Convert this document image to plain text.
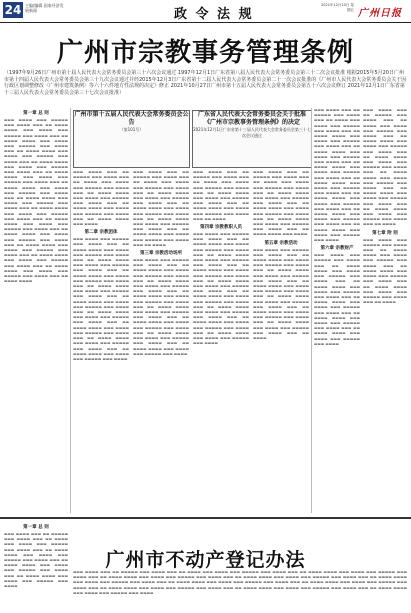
24 主编/编辑 国家经济发展新闻	政 令 法 规
2021年12月10日 星期五 广州日报
广州市宗教事务管理条例
（1997年9月26日广州市第十届人民代表大会常务委员会第三十六次会议通过 1997年12月1日广东省第八届人民代表大会常务委员会第三十二次会议批准 根据2015年5月20日广州市第十四届人民代表大会常务委员会第三十九次会议通过并经2015年12月3日广东省第十二届人民代表大会常务委员会第二十一次会议批准的《广州市人民代表大会常务委员会关于因行政区划调整修改〈广州市建筑条例〉等六十六件地方性法规的决定》修正 2021年10月27日广州市第十五届人民代表大会常务委员会第五十六次会议修订 2021年12月1日广东省第十三届人民代表大会常务委员会第三十七次会议批准）
第一章 总 则
▬▬▬ ▬▬▬▬ ▬▬▬ ▬▬▬▬▬ ▬▬▬ ▬▬▬▬ ▬▬▬ ▬▬ ▬▬▬▬ ▬▬▬▬ ▬▬▬ ▬▬▬▬ ▬▬▬ ▬▬▬▬▬ ▬▬▬ ▬▬▬▬ ▬▬▬ ▬▬ ▬▬▬▬ ▬▬▬▬ ▬▬▬ ▬▬▬▬ ▬▬▬ ▬▬▬▬▬ ▬▬▬ ▬▬▬▬ ▬▬▬ ▬▬ ▬▬▬▬ ▬▬▬▬ ▬▬▬ ▬▬▬▬ ▬▬▬ ▬▬▬▬▬ ▬▬▬ ▬▬▬▬ ▬▬▬ ▬▬ ▬▬▬▬ ▬▬▬▬ ▬▬▬ ▬▬▬▬ ▬▬▬ ▬▬▬▬▬ ▬▬▬ ▬▬▬▬ ▬▬▬ ▬▬ ▬▬▬▬ ▬▬▬▬ ▬▬▬ ▬▬▬▬ ▬▬▬ ▬▬▬▬▬ ▬▬▬ ▬▬▬▬ ▬▬▬ ▬▬ ▬▬▬▬ ▬▬▬▬ ▬▬▬ ▬▬▬▬ ▬▬▬ ▬▬▬▬▬ ▬▬▬ ▬▬▬▬ ▬▬▬ ▬▬ ▬▬▬▬ ▬▬▬▬ ▬▬▬ ▬▬▬▬ ▬▬▬ ▬▬▬▬▬ ▬▬▬ ▬▬▬▬ ▬▬▬ ▬▬ ▬▬▬▬ ▬▬▬▬ ▬▬▬ ▬▬▬▬ ▬▬▬ ▬▬▬▬▬ ▬▬▬ ▬▬▬▬ ▬▬▬ ▬▬ ▬▬▬▬ ▬▬▬▬ ▬▬▬ ▬▬▬▬ ▬▬▬ ▬▬▬▬▬ ▬▬▬ ▬▬▬▬ ▬▬▬ ▬▬ ▬▬▬▬ ▬▬▬▬ ▬▬▬ ▬▬▬▬ ▬▬▬ ▬▬▬▬▬ ▬▬▬ ▬▬▬▬ ▬▬▬ ▬▬ ▬▬▬▬ ▬▬▬▬ ▬▬▬ ▬▬▬▬ ▬▬▬ ▬▬▬▬▬ ▬▬▬ ▬▬▬▬ ▬▬▬ ▬▬ ▬▬▬▬ ▬▬▬▬ ▬▬▬ ▬▬▬▬ ▬▬▬ ▬▬▬▬▬ ▬▬▬ ▬▬▬▬ ▬▬▬ ▬▬ ▬▬▬▬ ▬▬▬▬ ▬▬▬ ▬▬▬▬ ▬▬▬ ▬▬▬▬▬ ▬▬▬ ▬▬▬▬ ▬▬▬ ▬▬ ▬▬▬▬ ▬▬▬▬
广州市第十五届人民代表大会常务委员会公告
（第101号）
广东省人民代表大会常务委员会关于批准《广州市宗教事务管理条例》的决定
2021年12月1日广东省第十三届人民代表大会常务委员会第三十七次会议通过
▬▬▬ ▬▬▬▬ ▬▬▬ ▬▬ ▬▬▬▬▬ ▬▬▬ ▬▬▬▬ ▬▬▬ ▬▬ ▬▬▬▬ ▬▬▬ ▬▬▬▬ ▬▬▬ ▬▬▬▬▬ ▬▬▬ ▬▬▬▬ ▬▬▬ ▬▬ ▬▬▬▬ ▬▬▬▬ ▬▬▬ ▬▬▬▬ ▬▬▬ ▬▬▬▬▬ ▬▬▬ ▬▬▬▬ ▬▬▬ ▬▬ ▬▬▬▬ ▬▬▬▬ ▬▬▬ ▬▬▬▬ ▬▬▬ ▬▬▬▬▬ ▬▬▬ ▬▬▬▬ ▬▬▬ ▬▬ ▬▬▬▬ ▬▬▬▬ ▬▬▬ ▬▬▬▬
第二章 宗教团体
▬▬▬ ▬▬▬▬ ▬▬▬ ▬▬▬▬▬ ▬▬▬ ▬▬▬▬ ▬▬▬ ▬▬ ▬▬▬▬ ▬▬▬▬ ▬▬▬ ▬▬▬▬ ▬▬▬ ▬▬▬▬▬ ▬▬▬ ▬▬▬▬ ▬▬▬ ▬▬ ▬▬▬▬ ▬▬▬▬ ▬▬▬ ▬▬▬▬ ▬▬▬ ▬▬▬▬▬ ▬▬▬ ▬▬▬▬ ▬▬▬ ▬▬ ▬▬▬▬ ▬▬▬▬ ▬▬▬ ▬▬▬▬ ▬▬▬ ▬▬▬▬▬ ▬▬▬ ▬▬▬▬ ▬▬▬ ▬▬ ▬▬▬▬ ▬▬▬▬ ▬▬▬ ▬▬▬▬ ▬▬▬ ▬▬▬▬▬ ▬▬▬ ▬▬▬▬ ▬▬▬ ▬▬ ▬▬▬▬ ▬▬▬▬ ▬▬▬ ▬▬▬▬ ▬▬▬ ▬▬▬▬▬ ▬▬▬ ▬▬▬▬ ▬▬▬ ▬▬ ▬▬▬▬ ▬▬▬▬ ▬▬▬ ▬▬▬▬ ▬▬▬ ▬▬▬▬▬ ▬▬▬ ▬▬▬▬ ▬▬▬ ▬▬ ▬▬▬▬ ▬▬▬▬ ▬▬▬ ▬▬▬▬ ▬▬▬ ▬▬▬▬▬ ▬▬▬ ▬▬▬▬ ▬▬▬ ▬▬ ▬▬▬▬ ▬▬▬▬ ▬▬▬ ▬▬▬▬ ▬▬▬ ▬▬▬▬▬ ▬▬▬ ▬▬▬▬ ▬▬▬ ▬▬ ▬▬▬▬ ▬▬▬▬ ▬▬▬ ▬▬▬▬ ▬▬▬ ▬▬▬▬▬ ▬▬▬ ▬▬▬▬
▬▬▬ ▬▬▬▬ ▬▬▬ ▬▬ ▬▬▬▬▬ ▬▬▬ ▬▬▬▬ ▬▬▬ ▬▬ ▬▬▬▬ ▬▬▬ ▬▬▬▬ ▬▬▬ ▬▬▬▬▬ ▬▬▬ ▬▬▬▬ ▬▬▬ ▬▬ ▬▬▬▬ ▬▬▬▬ ▬▬▬ ▬▬▬▬ ▬▬▬ ▬▬▬▬▬ ▬▬▬ ▬▬▬▬ ▬▬▬ ▬▬ ▬▬▬▬ ▬▬▬▬ ▬▬▬ ▬▬▬▬ ▬▬▬ ▬▬▬▬▬ ▬▬▬ ▬▬▬▬ ▬▬▬ ▬▬ ▬▬▬▬ ▬▬▬▬ ▬▬▬ ▬▬▬▬ ▬▬▬ ▬▬▬▬▬ ▬▬▬ ▬▬▬▬ ▬▬▬ ▬▬ ▬▬▬▬ ▬▬▬▬ ▬▬▬ ▬▬▬▬ ▬▬▬ ▬▬▬▬▬ ▬▬▬ ▬▬▬▬ ▬▬▬ ▬▬ ▬▬▬▬
第三章 宗教活动场所
▬▬▬ ▬▬▬▬ ▬▬▬ ▬▬▬▬▬ ▬▬▬ ▬▬▬▬ ▬▬▬ ▬▬ ▬▬▬▬ ▬▬▬▬ ▬▬▬ ▬▬▬▬ ▬▬▬ ▬▬▬▬▬ ▬▬▬ ▬▬▬▬ ▬▬▬ ▬▬ ▬▬▬▬ ▬▬▬▬ ▬▬▬ ▬▬▬▬ ▬▬▬ ▬▬▬▬▬ ▬▬▬ ▬▬▬▬ ▬▬▬ ▬▬ ▬▬▬▬ ▬▬▬▬ ▬▬▬ ▬▬▬▬ ▬▬▬ ▬▬▬▬▬ ▬▬▬ ▬▬▬▬ ▬▬▬ ▬▬ ▬▬▬▬ ▬▬▬▬ ▬▬▬ ▬▬▬▬ ▬▬▬ ▬▬▬▬▬ ▬▬▬ ▬▬▬▬ ▬▬▬ ▬▬ ▬▬▬▬ ▬▬▬▬ ▬▬▬ ▬▬▬▬ ▬▬▬ ▬▬▬▬▬ ▬▬▬ ▬▬▬▬ ▬▬▬ ▬▬ ▬▬▬▬ ▬▬▬▬ ▬▬▬ ▬▬▬▬ ▬▬▬ ▬▬▬▬▬ ▬▬▬ ▬▬▬▬ ▬▬▬ ▬▬ ▬▬▬▬ ▬▬▬▬ ▬▬▬ ▬▬▬▬ ▬▬▬ ▬▬▬▬▬ ▬▬▬ ▬▬▬▬
▬▬▬ ▬▬▬▬ ▬▬▬ ▬▬ ▬▬▬▬▬ ▬▬▬ ▬▬▬▬ ▬▬▬ ▬▬ ▬▬▬▬ ▬▬▬ ▬▬▬▬ ▬▬▬ ▬▬▬▬▬ ▬▬▬ ▬▬▬▬ ▬▬▬ ▬▬ ▬▬▬▬ ▬▬▬▬ ▬▬▬ ▬▬▬▬ ▬▬▬ ▬▬▬▬▬ ▬▬▬ ▬▬▬▬ ▬▬▬ ▬▬ ▬▬▬▬ ▬▬▬▬ ▬▬▬ ▬▬▬▬ ▬▬▬ ▬▬▬▬▬ ▬▬▬ ▬▬▬▬ ▬▬▬ ▬▬ ▬▬▬▬
第四章 宗教教职人员
▬▬▬ ▬▬▬▬ ▬▬▬ ▬▬▬▬▬ ▬▬▬ ▬▬▬▬ ▬▬▬ ▬▬ ▬▬▬▬ ▬▬▬▬ ▬▬▬ ▬▬▬▬ ▬▬▬ ▬▬▬▬▬ ▬▬▬ ▬▬▬▬ ▬▬▬ ▬▬ ▬▬▬▬ ▬▬▬▬ ▬▬▬ ▬▬▬▬ ▬▬▬ ▬▬▬▬▬ ▬▬▬ ▬▬▬▬ ▬▬▬ ▬▬ ▬▬▬▬ ▬▬▬▬ ▬▬▬ ▬▬▬▬ ▬▬▬ ▬▬▬▬▬ ▬▬▬ ▬▬▬▬ ▬▬▬ ▬▬ ▬▬▬▬ ▬▬▬▬ ▬▬▬ ▬▬▬▬ ▬▬▬ ▬▬▬▬▬ ▬▬▬ ▬▬▬▬ ▬▬▬ ▬▬ ▬▬▬▬ ▬▬▬▬ ▬▬▬ ▬▬▬▬ ▬▬▬ ▬▬▬▬▬ ▬▬▬ ▬▬▬▬ ▬▬▬ ▬▬ ▬▬▬▬ ▬▬▬▬ ▬▬▬ ▬▬▬▬ ▬▬▬ ▬▬▬▬▬ ▬▬▬ ▬▬▬▬ ▬▬▬ ▬▬ ▬▬▬▬ ▬▬▬▬ ▬▬▬ ▬▬▬▬ ▬▬▬ ▬▬▬▬▬ ▬▬▬ ▬▬▬▬ ▬▬▬ ▬▬ ▬▬▬▬ ▬▬▬▬ ▬▬▬ ▬▬▬▬ ▬▬▬ ▬▬▬▬▬ ▬▬▬ ▬▬▬▬
▬▬▬ ▬▬▬▬ ▬▬▬ ▬▬ ▬▬▬▬▬ ▬▬▬ ▬▬▬▬ ▬▬▬ ▬▬ ▬▬▬▬ ▬▬▬ ▬▬▬▬ ▬▬▬ ▬▬▬▬▬ ▬▬▬ ▬▬▬▬ ▬▬▬ ▬▬ ▬▬▬▬ ▬▬▬▬ ▬▬▬ ▬▬▬▬ ▬▬▬ ▬▬▬▬▬ ▬▬▬ ▬▬▬▬ ▬▬▬ ▬▬ ▬▬▬▬ ▬▬▬▬ ▬▬▬ ▬▬▬▬ ▬▬▬ ▬▬▬▬▬ ▬▬▬ ▬▬▬▬ ▬▬▬ ▬▬ ▬▬▬▬ ▬▬▬▬ ▬▬▬ ▬▬▬▬ ▬▬▬ ▬▬▬▬▬ ▬▬▬ ▬▬▬▬ ▬▬▬ ▬▬ ▬▬▬▬ ▬▬▬▬ ▬▬▬ ▬▬▬▬
第五章 宗教活动
▬▬▬ ▬▬▬▬ ▬▬▬ ▬▬▬▬▬ ▬▬▬ ▬▬▬▬ ▬▬▬ ▬▬ ▬▬▬▬ ▬▬▬▬ ▬▬▬ ▬▬▬▬ ▬▬▬ ▬▬▬▬▬ ▬▬▬ ▬▬▬▬ ▬▬▬ ▬▬ ▬▬▬▬ ▬▬▬▬ ▬▬▬ ▬▬▬▬ ▬▬▬ ▬▬▬▬▬ ▬▬▬ ▬▬▬▬ ▬▬▬ ▬▬ ▬▬▬▬ ▬▬▬▬ ▬▬▬ ▬▬▬▬ ▬▬▬ ▬▬▬▬▬ ▬▬▬ ▬▬▬▬ ▬▬▬ ▬▬ ▬▬▬▬ ▬▬▬▬ ▬▬▬ ▬▬▬▬ ▬▬▬ ▬▬▬▬▬ ▬▬▬ ▬▬▬▬ ▬▬▬ ▬▬ ▬▬▬▬ ▬▬▬▬ ▬▬▬ ▬▬▬▬ ▬▬▬ ▬▬▬▬▬ ▬▬▬ ▬▬▬▬ ▬▬▬ ▬▬ ▬▬▬▬ ▬▬▬▬ ▬▬▬ ▬▬▬▬ ▬▬▬ ▬▬▬▬▬ ▬▬▬ ▬▬▬▬ ▬▬▬ ▬▬ ▬▬▬▬
▬▬▬ ▬▬▬▬ ▬▬▬ ▬▬ ▬▬▬▬▬ ▬▬▬ ▬▬▬▬ ▬▬▬ ▬▬ ▬▬▬▬ ▬▬▬ ▬▬▬▬ ▬▬▬ ▬▬▬▬▬ ▬▬▬ ▬▬▬▬ ▬▬▬ ▬▬ ▬▬▬▬ ▬▬▬▬ ▬▬▬ ▬▬▬▬ ▬▬▬ ▬▬▬▬▬ ▬▬▬ ▬▬▬▬ ▬▬▬ ▬▬ ▬▬▬▬ ▬▬▬▬ ▬▬▬ ▬▬▬▬ ▬▬▬ ▬▬▬▬▬ ▬▬▬ ▬▬▬▬ ▬▬▬ ▬▬ ▬▬▬▬ ▬▬▬▬ ▬▬▬ ▬▬▬▬ ▬▬▬ ▬▬▬▬▬ ▬▬▬ ▬▬▬▬ ▬▬▬ ▬▬ ▬▬▬▬ ▬▬▬▬ ▬▬▬ ▬▬▬▬ ▬▬▬ ▬▬▬▬▬ ▬▬▬ ▬▬▬▬ ▬▬▬ ▬▬ ▬▬▬▬ ▬▬▬▬ ▬▬▬ ▬▬▬▬ ▬▬▬ ▬▬▬▬▬ ▬▬▬ ▬▬▬▬ ▬▬▬ ▬▬ ▬▬▬▬ ▬▬▬▬ ▬▬▬ ▬▬▬▬ ▬▬▬ ▬▬▬▬▬ ▬▬▬ ▬▬▬▬ ▬▬▬ ▬▬ ▬▬▬▬ ▬▬▬▬ ▬▬▬ ▬▬▬▬ ▬▬▬ ▬▬▬▬▬ ▬▬▬ ▬▬▬▬
第六章 宗教财产
▬▬▬ ▬▬▬▬ ▬▬▬ ▬▬▬▬▬ ▬▬▬ ▬▬▬▬ ▬▬▬ ▬▬ ▬▬▬▬ ▬▬▬▬ ▬▬▬ ▬▬▬▬ ▬▬▬ ▬▬▬▬▬ ▬▬▬ ▬▬▬▬ ▬▬▬ ▬▬ ▬▬▬▬ ▬▬▬▬ ▬▬▬ ▬▬▬▬ ▬▬▬ ▬▬▬▬▬ ▬▬▬ ▬▬▬▬ ▬▬▬ ▬▬ ▬▬▬▬ ▬▬▬▬ ▬▬▬ ▬▬▬▬ ▬▬▬ ▬▬▬▬▬ ▬▬▬ ▬▬▬▬ ▬▬▬ ▬▬ ▬▬▬▬ ▬▬▬▬ ▬▬▬ ▬▬▬▬ ▬▬▬ ▬▬▬▬▬ ▬▬▬ ▬▬▬▬ ▬▬▬ ▬▬ ▬▬▬▬ ▬▬▬▬ ▬▬▬ ▬▬▬▬ ▬▬▬ ▬▬▬▬▬ ▬▬▬ ▬▬▬▬
▬▬▬ ▬▬▬▬ ▬▬▬ ▬▬ ▬▬▬▬▬ ▬▬▬ ▬▬▬▬ ▬▬▬ ▬▬ ▬▬▬▬ ▬▬▬ ▬▬▬▬ ▬▬▬ ▬▬▬▬▬ ▬▬▬ ▬▬▬▬ ▬▬▬ ▬▬ ▬▬▬▬ ▬▬▬▬ ▬▬▬ ▬▬▬▬ ▬▬▬ ▬▬▬▬▬ ▬▬▬ ▬▬▬▬ ▬▬▬ ▬▬ ▬▬▬▬ ▬▬▬▬ ▬▬▬ ▬▬▬▬ ▬▬▬ ▬▬▬▬▬ ▬▬▬ ▬▬▬▬ ▬▬▬ ▬▬ ▬▬▬▬ ▬▬▬▬ ▬▬▬ ▬▬▬▬ ▬▬▬ ▬▬▬▬▬ ▬▬▬ ▬▬▬▬ ▬▬▬ ▬▬ ▬▬▬▬ ▬▬▬▬ ▬▬▬ ▬▬▬▬ ▬▬▬ ▬▬▬▬▬ ▬▬▬ ▬▬▬▬ ▬▬▬ ▬▬ ▬▬▬▬ ▬▬▬▬ ▬▬▬ ▬▬▬▬ ▬▬▬ ▬▬▬▬▬ ▬▬▬ ▬▬▬▬ ▬▬▬ ▬▬ ▬▬▬▬
第七章 附 则
▬▬▬ ▬▬▬▬ ▬▬▬ ▬▬▬▬▬ ▬▬▬ ▬▬▬▬ ▬▬▬ ▬▬ ▬▬▬▬ ▬▬▬▬ ▬▬▬ ▬▬▬▬ ▬▬▬ ▬▬▬▬▬ ▬▬▬ ▬▬▬▬ ▬▬▬ ▬▬ ▬▬▬▬ ▬▬▬▬ ▬▬▬ ▬▬▬▬ ▬▬▬ ▬▬▬▬▬ ▬▬▬ ▬▬▬▬ ▬▬▬ ▬▬ ▬▬▬▬ ▬▬▬▬ ▬▬▬ ▬▬▬▬ ▬▬▬ ▬▬▬▬▬ ▬▬▬ ▬▬▬▬ ▬▬▬ ▬▬ ▬▬▬▬
第一章 总 则
▬▬▬ ▬▬▬▬ ▬▬▬ ▬▬ ▬▬▬▬▬ ▬▬▬ ▬▬▬▬ ▬▬▬ ▬▬ ▬▬▬▬ ▬▬▬ ▬▬▬▬ ▬▬▬ ▬▬▬▬▬ ▬▬▬ ▬▬▬▬ ▬▬▬ ▬▬ ▬▬▬▬ ▬▬▬▬ ▬▬▬ ▬▬▬▬ ▬▬▬ ▬▬▬▬▬ ▬▬▬ ▬▬▬▬ ▬▬▬ ▬▬ ▬▬▬▬ ▬▬▬▬ ▬▬▬ ▬▬▬▬ ▬▬▬ ▬▬▬▬▬ ▬▬▬ ▬▬▬▬ ▬▬▬ ▬▬ ▬▬▬▬ ▬▬▬▬ ▬▬▬ ▬▬▬▬ ▬▬▬ ▬▬▬▬▬ ▬▬▬ ▬▬▬▬
广州市不动产登记办法
▬▬▬ ▬▬▬▬ ▬▬▬ ▬▬ ▬▬▬▬▬ ▬▬▬ ▬▬▬▬ ▬▬▬ ▬▬ ▬▬▬▬ ▬▬▬ ▬▬▬▬ ▬▬▬ ▬▬▬▬▬ ▬▬▬ ▬▬▬▬ ▬▬▬ ▬▬ ▬▬▬▬ ▬▬▬▬ ▬▬▬ ▬▬▬▬ ▬▬▬ ▬▬▬▬▬ ▬▬▬ ▬▬▬▬ ▬▬▬ ▬▬ ▬▬▬▬ ▬▬▬▬ ▬▬▬ ▬▬▬▬ ▬▬▬ ▬▬▬▬▬ ▬▬▬ ▬▬▬▬ ▬▬▬ ▬▬ ▬▬▬▬ ▬▬▬▬ ▬▬▬ ▬▬▬▬ ▬▬▬ ▬▬▬▬▬ ▬▬▬ ▬▬▬▬ ▬▬▬ ▬▬ ▬▬▬▬ ▬▬▬▬ ▬▬▬ ▬▬▬▬ ▬▬▬ ▬▬▬▬▬ ▬▬▬ ▬▬▬▬ ▬▬▬ ▬▬ ▬▬▬▬ ▬▬▬▬ ▬▬▬ ▬▬▬▬ ▬▬▬ ▬▬▬▬▬ ▬▬▬ ▬▬▬▬ ▬▬▬ ▬▬ ▬▬▬▬ ▬▬▬▬ ▬▬▬ ▬▬▬▬ ▬▬▬ ▬▬▬▬▬ ▬▬▬ ▬▬▬▬ ▬▬▬ ▬▬ ▬▬▬▬ ▬▬▬▬ ▬▬▬ ▬▬▬▬ ▬▬▬ ▬▬▬▬▬ ▬▬▬ ▬▬▬▬ ▬▬▬ ▬▬ ▬▬▬▬ ▬▬▬▬ ▬▬▬ ▬▬▬▬ ▬▬▬ ▬▬▬▬▬ ▬▬▬ ▬▬▬▬ ▬▬▬ ▬▬ ▬▬▬▬ ▬▬▬▬ ▬▬▬ ▬▬▬▬ ▬▬▬ ▬▬▬▬▬ ▬▬▬ ▬▬▬▬
